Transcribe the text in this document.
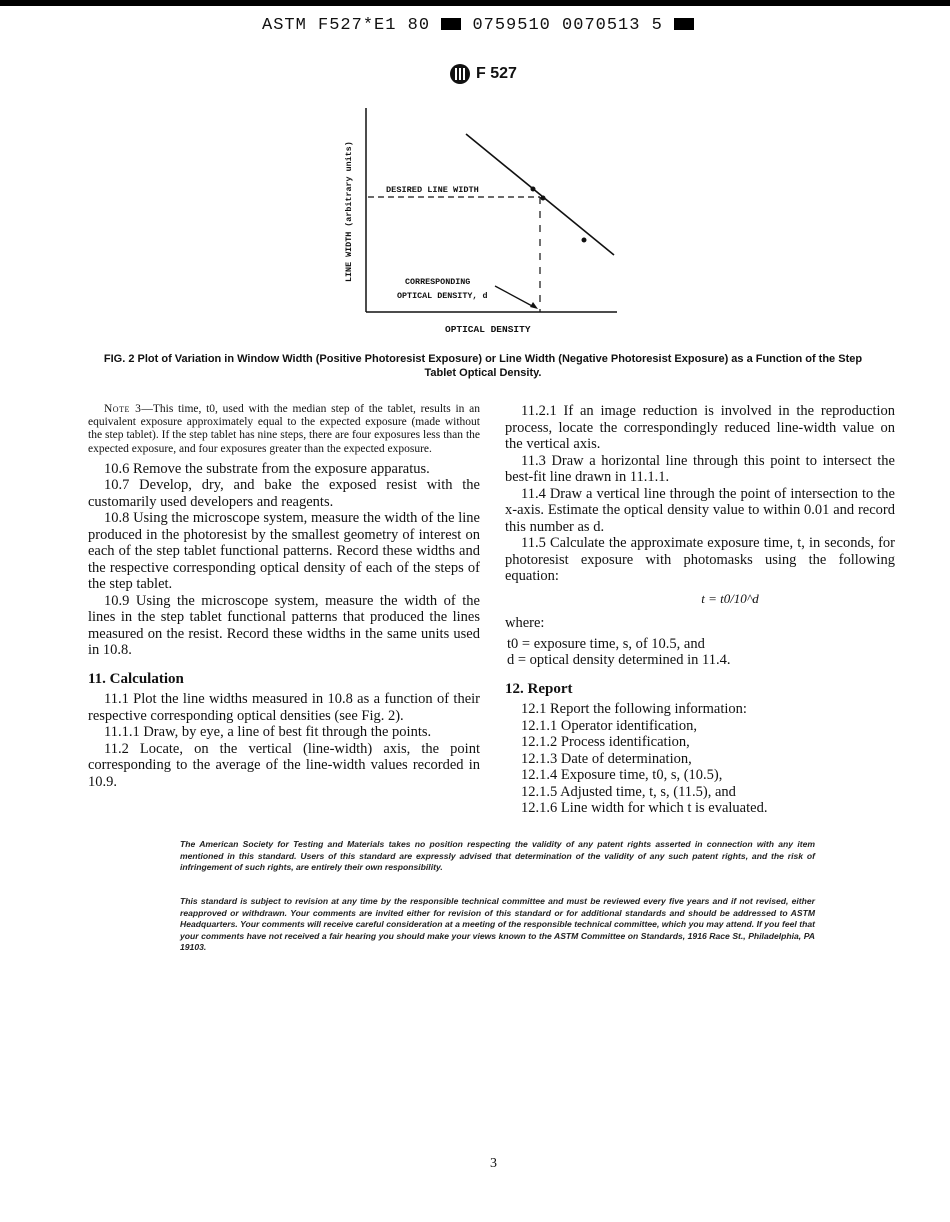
ASTM F527*E1 80 0759510 0070513 5
F 527
LINE WIDTH (arbitrary units)	DESIRED LINE WIDTH
CORRESPONDING
OPTICAL DENSITY, d
OPTICAL DENSITY
FIG. 2 Plot of Variation in Window Width (Positive Photoresist Exposure) or Line Width (Negative Photoresist Exposure) as a Function of the Step Tablet Optical Density.

Note 3—This time, t0, used with the median step of the tablet, results in an equivalent exposure approximately equal to the expected exposure (made without the step tablet). If the step tablet has nine steps, there are four exposures less than the expected exposure, and four exposures greater than the expected exposure.

10.6 Remove the substrate from the exposure apparatus.

10.7 Develop, dry, and bake the exposed resist with the customarily used developers and reagents.

10.8 Using the microscope system, measure the width of the line produced in the photoresist by the smallest geometry of interest on each of the step tablet functional patterns. Record these widths and the respective corresponding optical density of each of the steps of the step tablet.

10.9 Using the microscope system, measure the width of the lines in the step tablet functional patterns that produced the lines measured on the resist. Record these widths in the same units used in 10.8.

11. Calculation

11.1 Plot the line widths measured in 10.8 as a function of their respective corresponding optical densities (see Fig. 2).

11.1.1 Draw, by eye, a line of best fit through the points.

11.2 Locate, on the vertical (line-width) axis, the point corresponding to the average of the line-width values recorded in 10.9.

11.2.1 If an image reduction is involved in the reproduction process, locate the correspondingly reduced line-width value on the vertical axis.

11.3 Draw a horizontal line through this point to intersect the best-fit line drawn in 11.1.1.

11.4 Draw a vertical line through the point of intersection to the x-axis. Estimate the optical density value to within 0.01 and record this number as d.

11.5 Calculate the approximate exposure time, t, in seconds, for photoresist exposure with photomasks using the following equation:

t = t0/10^d
where:

t0 = exposure time, s, of 10.5, and

d = optical density determined in 11.4.

12. Report

12.1 Report the following information:

12.1.1 Operator identification,

12.1.2 Process identification,

12.1.3 Date of determination,

12.1.4 Exposure time, t0, s, (10.5),

12.1.5 Adjusted time, t, s, (11.5), and

12.1.6 Line width for which t is evaluated.

The American Society for Testing and Materials takes no position respecting the validity of any patent rights asserted in connection with any item mentioned in this standard. Users of this standard are expressly advised that determination of the validity of any such patent rights, and the risk of infringement of such rights, are entirely their own responsibility.
This standard is subject to revision at any time by the responsible technical committee and must be reviewed every five years and if not revised, either reapproved or withdrawn. Your comments are invited either for revision of this standard or for additional standards and should be addressed to ASTM Headquarters. Your comments will receive careful consideration at a meeting of the responsible technical committee, which you may attend. If you feel that your comments have not received a fair hearing you should make your views known to the ASTM Committee on Standards, 1916 Race St., Philadelphia, PA 19103.
3
